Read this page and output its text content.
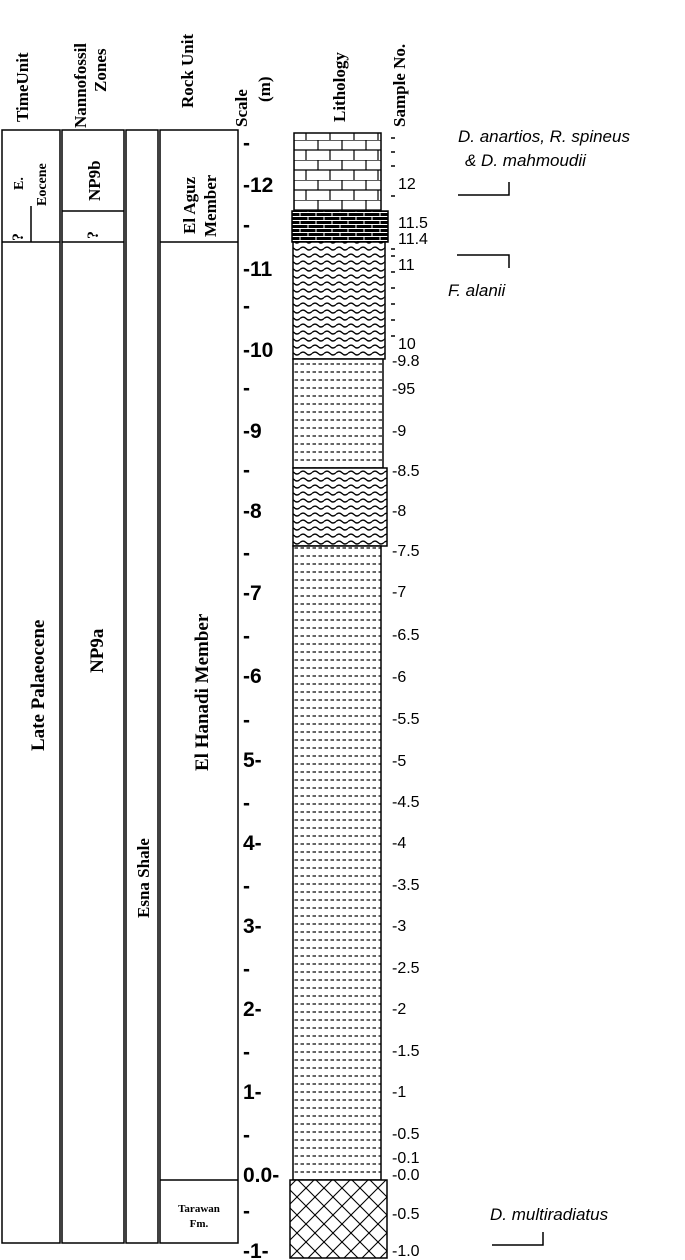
TimeUnit Nannofossil Zones	Rock Unit
Scale (m)	Lithology Sample No.
E. Eocene
?
Late Palaeocene
NP9b
?
NP9a
Esna Shale
El Aguz Member
El Hanadi Member
Tarawan
Fm.
-12
-11
-10
-9
-8
-7
-6
5-
4-
3-
2-
1-
0.0-
-1-
-
-
-
-
-
-
-
-
-
-
-
-
-
-
12
11.5
11.4
11
10
-9.8
-95
-9
-8.5
-8
-7.5
-7
-6.5
-6
-5.5
-5
-4.5
-4
-3.5
-3
-2.5
-2
-1.5
-1
-0.5
-0.1
-0.0
-0.5
-1.0
D. anartios, R. spineus
& D. mahmoudii
F. alanii
D. multiradiatus
